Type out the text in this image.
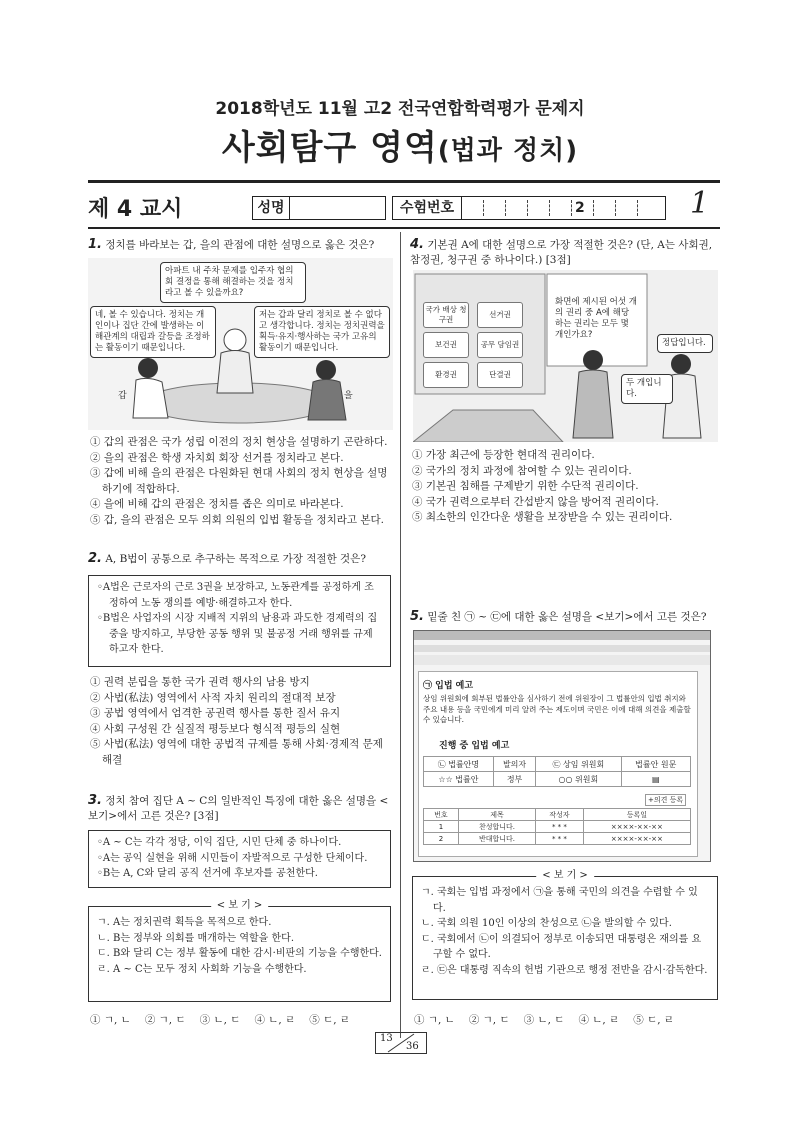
2018학년도 11월 고2 전국연합학력평가 문제지
사회탐구 영역(법과 정치)
제 4 교시	성명	수험번호	2	1
1. 정치를 바라보는 갑, 을의 관점에 대한 설명으로 옳은 것은?
아파트 내 주차 문제를 입주자 협의회 결정을 통해 해결하는 것을 정치라고 볼 수 있을까요?
네, 볼 수 있습니다. 정치는 개인이나 집단 간에 발생하는 이해관계의 대립과 갈등을 조정하는 활동이기 때문입니다.
저는 갑과 달리 정치로 볼 수 없다고 생각합니다. 정치는 정치권력을 획득·유지·행사하는 국가 고유의 활동이기 때문입니다.
갑	을
① 갑의 관점은 국가 성립 이전의 정치 현상을 설명하기 곤란하다.
② 을의 관점은 학생 자치회 회장 선거를 정치라고 본다.
③ 갑에 비해 을의 관점은 다원화된 현대 사회의 정치 현상을 설명하기에 적합하다.
④ 을에 비해 갑의 관점은 정치를 좁은 의미로 바라본다.
⑤ 갑, 을의 관점은 모두 의회 의원의 입법 활동을 정치라고 본다.
2. A, B법이 공통으로 추구하는 목적으로 가장 적절한 것은?
◦A법은 근로자의 근로 3권을 보장하고, 노동관계를 공정하게 조정하여 노동 쟁의를 예방·해결하고자 한다.
◦B법은 사업자의 시장 지배적 지위의 남용과 과도한 경제력의 집중을 방지하고, 부당한 공동 행위 및 불공정 거래 행위를 규제하고자 한다.
① 권력 분립을 통한 국가 권력 행사의 남용 방지
② 사법(私法) 영역에서 사적 자치 원리의 절대적 보장
③ 공법 영역에서 엄격한 공권력 행사를 통한 질서 유지
④ 사회 구성원 간 실질적 평등보다 형식적 평등의 실현
⑤ 사법(私法) 영역에 대한 공법적 규제를 통해 사회·경제적 문제 해결
3. 정치 참여 집단 A ~ C의 일반적인 특징에 대한 옳은 설명을 <보기>에서 고른 것은? [3점]
◦A ~ C는 각각 정당, 이익 집단, 시민 단체 중 하나이다.
◦A는 공익 실현을 위해 시민들이 자발적으로 구성한 단체이다.
◦B는 A, C와 달리 공직 선거에 후보자를 공천한다.
< 보 기 >
ㄱ. A는 정치권력 획득을 목적으로 한다.
ㄴ. B는 정부와 의회를 매개하는 역할을 한다.
ㄷ. B와 달리 C는 정부 활동에 대한 감시·비판의 기능을 수행한다.
ㄹ. A ~ C는 모두 정치 사회화 기능을 수행한다.
① ㄱ, ㄴ ② ㄱ, ㄷ ③ ㄴ, ㄷ ④ ㄴ, ㄹ ⑤ ㄷ, ㄹ
4. 기본권 A에 대한 설명으로 가장 적절한 것은? (단, A는 사회권, 참정권, 청구권 중 하나이다.) [3점]
국가 배상 청구권
선거권
보건권	공무 담임권
환경권	단결권
화면에 제시된 어섯 개의 권리 중 A에 해당하는 권리는 모두 몇 개인가요?
정답입니다.
두 개입니다.
① 가장 최근에 등장한 현대적 권리이다.
② 국가의 정치 과정에 참여할 수 있는 권리이다.
③ 기본권 침해를 구제받기 위한 수단적 권리이다.
④ 국가 권력으로부터 간섭받지 않을 방어적 권리이다.
⑤ 최소한의 인간다운 생활을 보장받을 수 있는 권리이다.
5. 밑줄 친 ㉠ ~ ㉢에 대한 옳은 설명을 <보기>에서 고른 것은?
㉠ 입법 예고
상임 위원회에 회부된 법률안을 심사하기 전에 위원장이 그 법률안의 입법 취지와 주요 내용 등을 국민에게 미리 알려 주는 제도이며 국민은 이에 대해 의견을 제출할 수 있습니다.
진행 중 입법 예고
㉡ 법률안명	발의자	㉢ 상임 위원회	법률안 원문
☆☆ 법률안	정부	○○ 위원회	▤
+의견 등록
번호	제목	작성자	등록일
1	찬성합니다.	* * *	××××-××-××
2	반대합니다.	* * *	××××-××-××
< 보 기 >
ㄱ. 국회는 입법 과정에서 ㉠을 통해 국민의 의견을 수렴할 수 있다.
ㄴ. 국회 의원 10인 이상의 찬성으로 ㉡을 발의할 수 있다.
ㄷ. 국회에서 ㉡이 의결되어 정부로 이송되면 대통령은 재의를 요구할 수 없다.
ㄹ. ㉢은 대통령 직속의 헌법 기관으로 행정 전반을 감시·감독한다.
① ㄱ, ㄴ ② ㄱ, ㄷ ③ ㄴ, ㄷ ④ ㄴ, ㄹ ⑤ ㄷ, ㄹ
13
36
